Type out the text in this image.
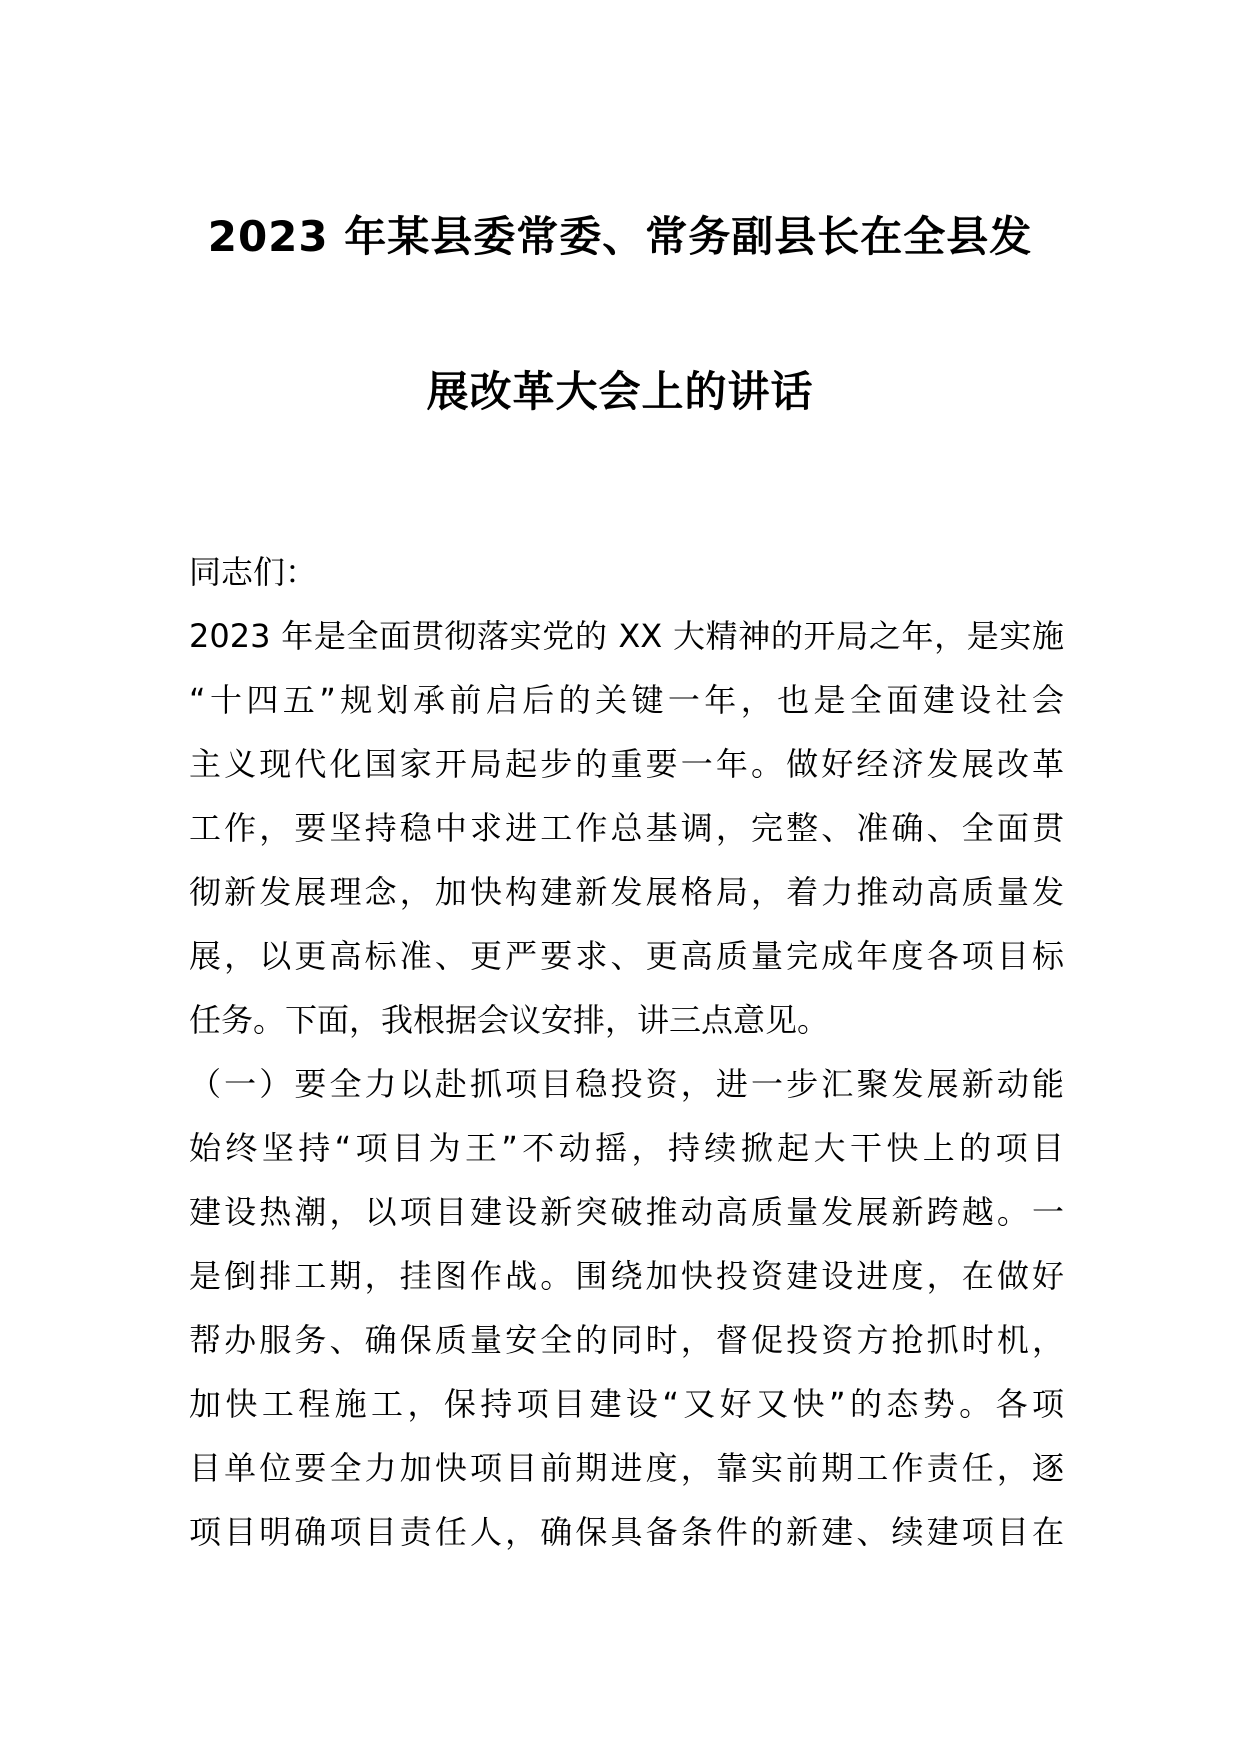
2023 年某县委常委、常务副县长在全县发
展改革大会上的讲话
同志们：
2023 年是全面贯彻落实党的 XX 大精神的开局之年，是实施
“十四五”规划承前启后的关键一年，也是全面建设社会
主义现代化国家开局起步的重要一年。做好经济发展改革
工作，要坚持稳中求进工作总基调，完整、准确、全面贯
彻新发展理念，加快构建新发展格局，着力推动高质量发
展，以更高标准、更严要求、更高质量完成年度各项目标
任务。下面，我根据会议安排，讲三点意见。
（一）要全力以赴抓项目稳投资，进一步汇聚发展新动能
始终坚持“项目为王”不动摇，持续掀起大干快上的项目
建设热潮，以项目建设新突破推动高质量发展新跨越。一
是倒排工期，挂图作战。围绕加快投资建设进度，在做好
帮办服务、确保质量安全的同时，督促投资方抢抓时机，
加快工程施工，保持项目建设“又好又快”的态势。各项
目单位要全力加快项目前期进度，靠实前期工作责任，逐
项目明确项目责任人，确保具备条件的新建、续建项目在
